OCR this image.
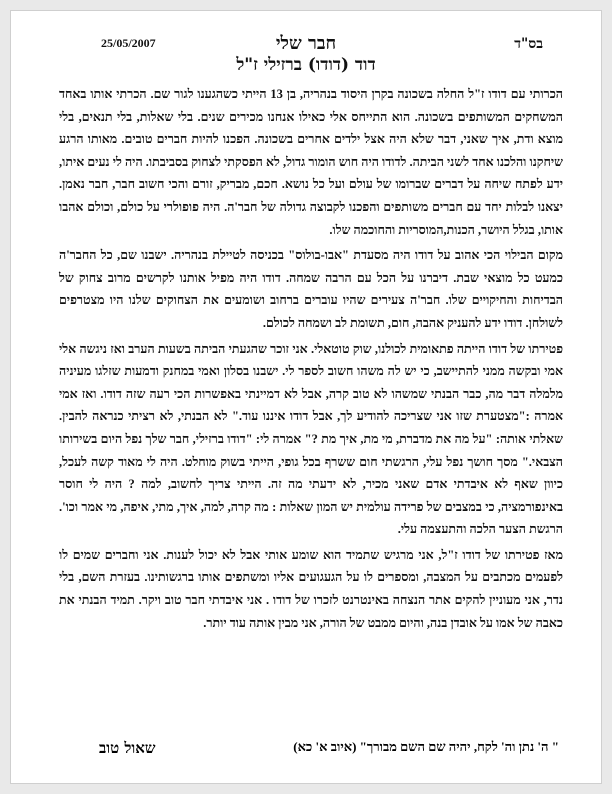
25/05/2007	בס"ד
חבר שלי
דוד (דודו) ברזילי ז"ל

הכרותי עם דודו ז"ל החלה בשכונה בקרן היסוד בנהריה, בן 13 הייתי כשהגענו לגור שם. הכרתי אותו באחד המשחקים המשותפים בשכונה. הוא התייחס אלי כאילו אנחנו מכירים שנים. בלי שאלות, בלי תנאים, בלי מוצא ודת, איך שאני, דבר שלא היה אצל ילדים אחרים בשכונה. הפכנו להיות חברים טובים. מאותו הרגע שיחקנו והלכנו אחד לשני הביתה. לדודו היה חוש הומור גדול, לא הפסקתי לצחוק בסביבתו. היה לי נעים איתו, ידע לפתח שיחה על דברים שברומו של עולם ועל כל נושא. חכם, מבריק, זורם והכי חשוב חבר, חבר נאמן. יצאנו לבלות יחד עם חברים משותפים והפכנו לקבוצה גדולה של חבר'ה. היה פופולרי על כולם, וכולם אהבו אותו, בגלל היושר, הכנות,המוסריות והחוכמה שלו.

מקום הבילוי הכי אהוב על דודו היה מסעדת "אבו-בולוס" בכניסה לטיילת בנהריה. ישבנו שם, כל החבר'ה כמעט כל מוצאי שבת. דיברנו על הכל עם הרבה שמחה. דודו היה מפיל אותנו לקרשים מרוב צחוק של הבדיחות והחיקויים שלו. חבר'ה צעירים שהיו עוברים ברחוב ושומעים את הצחוקים שלנו היו מצטרפים לשולחן. דודו ידע להעניק אהבה, חום, תשומת לב ושמחה לכולם.

פטירתו של דודו הייתה פתאומית לכולנו, שוק טוטאלי. אני זוכר שהגעתי הביתה בשעות הערב ואז ניגשה אלי אמי ובקשה ממני להתיישב, כי יש לה משהו חשוב לספר לי. ישבנו בסלון ואמי במחנק ודמעות שזלגו מעיניה מלמלה דבר מה, כבר הבנתי שמשהו לא טוב קרה, אבל לא דמיינתי באפשרות הכי רעה שזה דודו. ואז אמי אמרה :"מצטערת שזו אני שצריכה להודיע לך, אבל דודו איננו עוד." לא הבנתי, לא רציתי כנראה להבין. שאלתי אותה: "על מה את מדברת, מי מת, איך מת ?" אמרה לי: "דודו ברזילי, חבר שלך נפל היום בשירותו הצבאי." מסך חושך נפל עלי, הרגשתי חום ששרף בכל גופי, הייתי בשוק מוחלט. היה לי מאוד קשה לעכל, כיוון שאף לא איבדתי אדם שאני מכיר, לא ידעתי מה זה. הייתי צריך לחשוב, למה ? היה לי חוסר באינפורמציה, כי במצבים של פרידה עולמית יש המון שאלות : מה קרה, למה, איך, מתי, איפה, מי אמר וכו'. הרגשת הצער הלכה והתעצמה עלי.

מאז פטירתו של דודו ז"ל, אני מרגיש שתמיד הוא שומע אותי אבל לא יכול לענות. אני וחברים שמים לו לפעמים מכתבים על המצבה, ומספרים לו על הגעגועים אליו ומשתפים אותו ברגשותינו. בעזרת השם, בלי נדר, אני מעוניין להקים אתר הנצחה באינטרנט לזכרו של דודו . אני איבדתי חבר טוב ויקר. תמיד הבנתי את כאבה של אמו על אובדן בנה, והיום ממבט של הורה, אני מבין אותה עוד יותר.

שאול טוב	" ה' נתן וה' לקח, יהיה שם השם מבורך" (איוב א' כא)
